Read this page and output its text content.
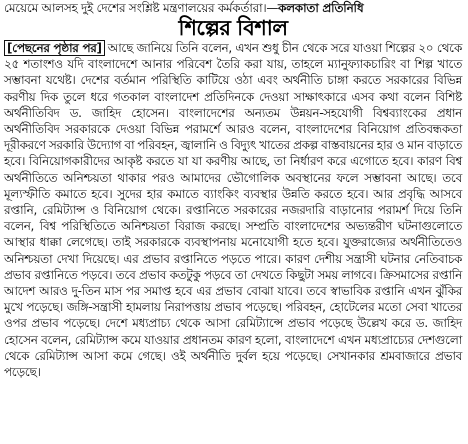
মেয়েমে আলসহ দুই দেশের সংশ্লিষ্ট মন্ত্রণালয়ের কর্মকর্তারা।—কলকাতা প্রতিনিধি
শিল্পের বিশাল

[পেছনের পৃষ্ঠার পর] আছে জানিয়ে তিনি বলেন, এখন শুধু চীন থেকে সরে যাওয়া শিল্পের ২০ থেকে ২৫ শতাংশও যদি বাংলাদেশে আনার পরিবেশ তৈরি করা যায়, তাহলে ম্যানুফ্যাকচারিং বা শিল্প খাতে সম্ভাবনা যথেষ্ট। দেশের বর্তমান পরিস্থিতি কাটিয়ে ওঠা এবং অর্থনীতি চাঙ্গা করতে সরকারের বিভিন্ন করণীয় দিক তুলে ধরে গতকাল বাংলাদেশ প্রতিদিনকে দেওয়া সাক্ষাৎকারে এসব কথা বলেন বিশিষ্ট অর্থনীতিবিদ ড. জাহিদ হোসেন। বাংলাদেশের অন্যতম উন্নয়ন-সহযোগী বিশ্বব্যাংকের প্রধান অর্থনীতিবিদ সরকারকে দেওয়া বিভিন্ন পরামর্শে আরও বলেন, বাংলাদেশের বিনিয়োগ প্রতিবন্ধকতা দূরীকরণে সরকারি উদ্যোগ বা পরিবহন, জ্বালানি ও বিদ্যুৎ খাতের প্রকল্প বাস্তবায়নের হার ও মান বাড়াতে হবে। বিনিয়োগকারীদের আকৃষ্ট করতে যা যা করণীয় আছে, তা নির্ধারণ করে এগোতে হবে। কারণ বিশ্ব অর্থনীতিতে অনিশ্চয়তা থাকার পরও আমাদের ভৌগোলিক অবস্থানের ফলে সম্ভাবনা আছে। তবে মূল্যস্ফীতি কমাতে হবে। সুদের হার কমাতে ব্যাংকিং ব্যবস্থার উন্নতি করতে হবে। আর প্রবৃদ্ধি আসবে রপ্তানি, রেমিট্যান্স ও বিনিয়োগ থেকে। রপ্তানিতে সরকারের নজরদারি বাড়ানোর পরামর্শ দিয়ে তিনি বলেন, বিশ্ব পরিস্থিতিতে অনিশ্চয়তা বিরাজ করছে। সম্প্রতি বাংলাদেশের অভ্যন্তরীণ ঘটনাগুলোতে আস্থার ধাক্কা লেগেছে। তাই সরকারকে ব্যবস্থাপনায় মনোযোগী হতে হবে। যুক্তরাজ্যের অর্থনীতিতেও অনিশ্চয়তা দেখা দিয়েছে। এর প্রভাব রপ্তানিতে পড়তে পারে। কারণ দেশীয় সন্ত্রাসী ঘটনার নেতিবাচক প্রভাব রপ্তানিতে পড়বে। তবে প্রভাব কতটুকু পড়বে তা দেখতে কিছুটা সময় লাগবে। ক্রিসমাসের রপ্তানি আদেশ আরও দু-তিন মাস পর সমাপ্ত হবে এর প্রভাব বোঝা যাবে। তবে স্বাভাবিক রপ্তানি এখন ঝুঁকির মুখে পড়েছে। জঙ্গি-সন্ত্রাসী হামলায় নিরাপত্তায় প্রভাব পড়েছে। পরিবহন, হোটেলের মতো সেবা খাতের ওপর প্রভাব পড়েছে। দেশে মধ্যপ্রাচ্য থেকে আসা রেমিট্যান্সে প্রভাব পড়েছে উল্লেখ করে ড. জাহিদ হোসেন বলেন, রেমিট্যান্স কমে যাওয়ার প্রধানতম কারণ হলো, বাংলাদেশে এখন মধ্যপ্রাচ্যের দেশগুলো থেকে রেমিট্যান্স আসা কমে গেছে। ওই অর্থনীতি দুর্বল হয়ে পড়েছে। সেখানকার শ্রমবাজারে প্রভাব পড়েছে।
